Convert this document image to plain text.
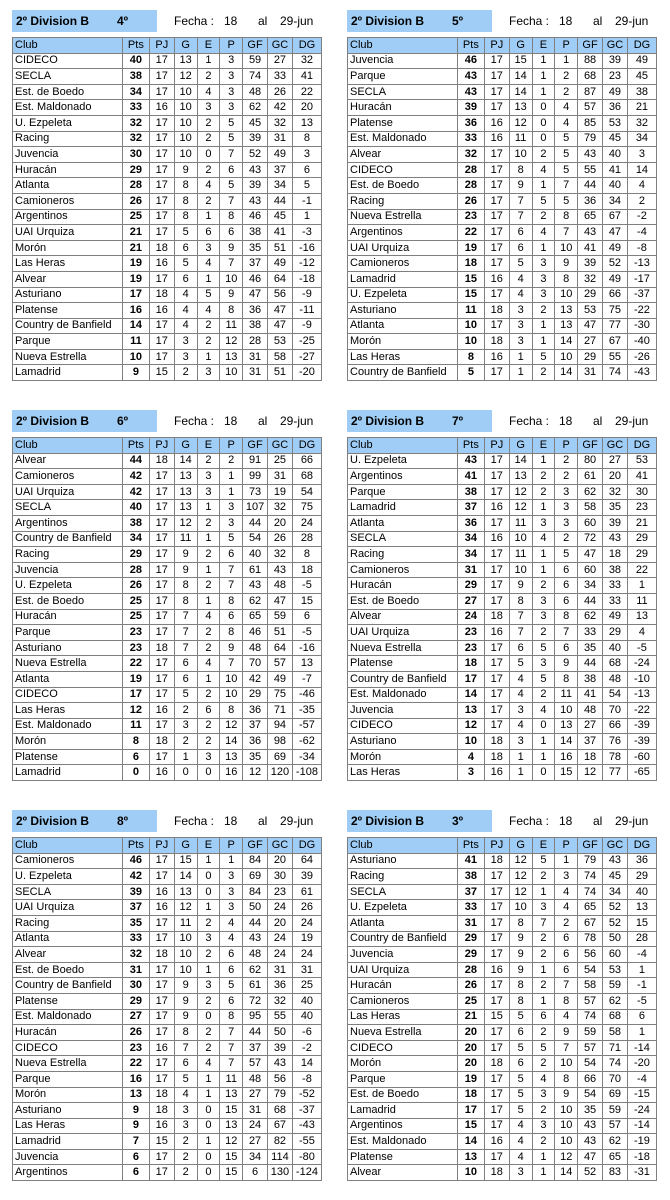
2º Division B 4º	Fecha : 18 al 29-jun
Club	Pts	PJ	G	E	P	GF	GC	DG
CIDECO	40	17	13	1	3	59	27	32
SECLA	38	17	12	2	3	74	33	41
Est. de Boedo	34	17	10	4	3	48	26	22
Est. Maldonado	33	16	10	3	3	62	42	20
U. Ezpeleta	32	17	10	2	5	45	32	13
Racing	32	17	10	2	5	39	31	8
Juvencia	30	17	10	0	7	52	49	3
Huracán	29	17	9	2	6	43	37	6
Atlanta	28	17	8	4	5	39	34	5
Camioneros	26	17	8	2	7	43	44	-1
Argentinos	25	17	8	1	8	46	45	1
UAI Urquiza	21	17	5	6	6	38	41	-3
Morón	21	18	6	3	9	35	51	-16
Las Heras	19	16	5	4	7	37	49	-12
Alvear	19	17	6	1	10	46	64	-18
Asturiano	17	18	4	5	9	47	56	-9
Platense	16	16	4	4	8	36	47	-11
Country de Banfield	14	17	4	2	11	38	47	-9
Parque	11	17	3	2	12	28	53	-25
Nueva Estrella	10	17	3	1	13	31	58	-27
Lamadrid	9	15	2	3	10	31	51	-20
2º Division B 5º	Fecha : 18 al 29-jun
Club	Pts	PJ	G	E	P	GF	GC	DG
Juvencia	46	17	15	1	1	88	39	49
Parque	43	17	14	1	2	68	23	45
SECLA	43	17	14	1	2	87	49	38
Huracán	39	17	13	0	4	57	36	21
Platense	36	16	12	0	4	85	53	32
Est. Maldonado	33	16	11	0	5	79	45	34
Alvear	32	17	10	2	5	43	40	3
CIDECO	28	17	8	4	5	55	41	14
Est. de Boedo	28	17	9	1	7	44	40	4
Racing	26	17	7	5	5	36	34	2
Nueva Estrella	23	17	7	2	8	65	67	-2
Argentinos	22	17	6	4	7	43	47	-4
UAI Urquiza	19	17	6	1	10	41	49	-8
Camioneros	18	17	5	3	9	39	52	-13
Lamadrid	15	16	4	3	8	32	49	-17
U. Ezpeleta	15	17	4	3	10	29	66	-37
Asturiano	11	18	3	2	13	53	75	-22
Atlanta	10	17	3	1	13	47	77	-30
Morón	10	18	3	1	14	27	67	-40
Las Heras	8	16	1	5	10	29	55	-26
Country de Banfield	5	17	1	2	14	31	74	-43
2º Division B 6º	Fecha : 18 al 29-jun
Club	Pts	PJ	G	E	P	GF	GC	DG
Alvear	44	18	14	2	2	91	25	66
Camioneros	42	17	13	3	1	99	31	68
UAI Urquiza	42	17	13	3	1	73	19	54
SECLA	40	17	13	1	3	107	32	75
Argentinos	38	17	12	2	3	44	20	24
Country de Banfield	34	17	11	1	5	54	26	28
Racing	29	17	9	2	6	40	32	8
Juvencia	28	17	9	1	7	61	43	18
U. Ezpeleta	26	17	8	2	7	43	48	-5
Est. de Boedo	25	17	8	1	8	62	47	15
Huracán	25	17	7	4	6	65	59	6
Parque	23	17	7	2	8	46	51	-5
Asturiano	23	18	7	2	9	48	64	-16
Nueva Estrella	22	17	6	4	7	70	57	13
Atlanta	19	17	6	1	10	42	49	-7
CIDECO	17	17	5	2	10	29	75	-46
Las Heras	12	16	2	6	8	36	71	-35
Est. Maldonado	11	17	3	2	12	37	94	-57
Morón	8	18	2	2	14	36	98	-62
Platense	6	17	1	3	13	35	69	-34
Lamadrid	0	16	0	0	16	12	120	-108
2º Division B 7º	Fecha : 18 al 29-jun
Club	Pts	PJ	G	E	P	GF	GC	DG
U. Ezpeleta	43	17	14	1	2	80	27	53
Argentinos	41	17	13	2	2	61	20	41
Parque	38	17	12	2	3	62	32	30
Lamadrid	37	16	12	1	3	58	35	23
Atlanta	36	17	11	3	3	60	39	21
SECLA	34	16	10	4	2	72	43	29
Racing	34	17	11	1	5	47	18	29
Camioneros	31	17	10	1	6	60	38	22
Huracán	29	17	9	2	6	34	33	1
Est. de Boedo	27	17	8	3	6	44	33	11
Alvear	24	18	7	3	8	62	49	13
UAI Urquiza	23	16	7	2	7	33	29	4
Nueva Estrella	23	17	6	5	6	35	40	-5
Platense	18	17	5	3	9	44	68	-24
Country de Banfield	17	17	4	5	8	38	48	-10
Est. Maldonado	14	17	4	2	11	41	54	-13
Juvencia	13	17	3	4	10	48	70	-22
CIDECO	12	17	4	0	13	27	66	-39
Asturiano	10	18	3	1	14	37	76	-39
Morón	4	18	1	1	16	18	78	-60
Las Heras	3	16	1	0	15	12	77	-65
2º Division B 8º	Fecha : 18 al 29-jun
Club	Pts	PJ	G	E	P	GF	GC	DG
Camioneros	46	17	15	1	1	84	20	64
U. Ezpeleta	42	17	14	0	3	69	30	39
SECLA	39	16	13	0	3	84	23	61
UAI Urquiza	37	16	12	1	3	50	24	26
Racing	35	17	11	2	4	44	20	24
Atlanta	33	17	10	3	4	43	24	19
Alvear	32	18	10	2	6	48	24	24
Est. de Boedo	31	17	10	1	6	62	31	31
Country de Banfield	30	17	9	3	5	61	36	25
Platense	29	17	9	2	6	72	32	40
Est. Maldonado	27	17	9	0	8	95	55	40
Huracán	26	17	8	2	7	44	50	-6
CIDECO	23	16	7	2	7	37	39	-2
Nueva Estrella	22	17	6	4	7	57	43	14
Parque	16	17	5	1	11	48	56	-8
Morón	13	18	4	1	13	27	79	-52
Asturiano	9	18	3	0	15	31	68	-37
Las Heras	9	16	3	0	13	24	67	-43
Lamadrid	7	15	2	1	12	27	82	-55
Juvencia	6	17	2	0	15	34	114	-80
Argentinos	6	17	2	0	15	6	130	-124
2º Division B 3º	Fecha : 18 al 29-jun
Club	Pts	PJ	G	E	P	GF	GC	DG
Asturiano	41	18	12	5	1	79	43	36
Racing	38	17	12	2	3	74	45	29
SECLA	37	17	12	1	4	74	34	40
U. Ezpeleta	33	17	10	3	4	65	52	13
Atlanta	31	17	8	7	2	67	52	15
Country de Banfield	29	17	9	2	6	78	50	28
Juvencia	29	17	9	2	6	56	60	-4
UAI Urquiza	28	16	9	1	6	54	53	1
Huracán	26	17	8	2	7	58	59	-1
Camioneros	25	17	8	1	8	57	62	-5
Las Heras	21	15	5	6	4	74	68	6
Nueva Estrella	20	17	6	2	9	59	58	1
CIDECO	20	17	5	5	7	57	71	-14
Morón	20	18	6	2	10	54	74	-20
Parque	19	17	5	4	8	66	70	-4
Est. de Boedo	18	17	5	3	9	54	69	-15
Lamadrid	17	17	5	2	10	35	59	-24
Argentinos	15	17	4	3	10	43	57	-14
Est. Maldonado	14	16	4	2	10	43	62	-19
Platense	13	17	4	1	12	47	65	-18
Alvear	10	18	3	1	14	52	83	-31
